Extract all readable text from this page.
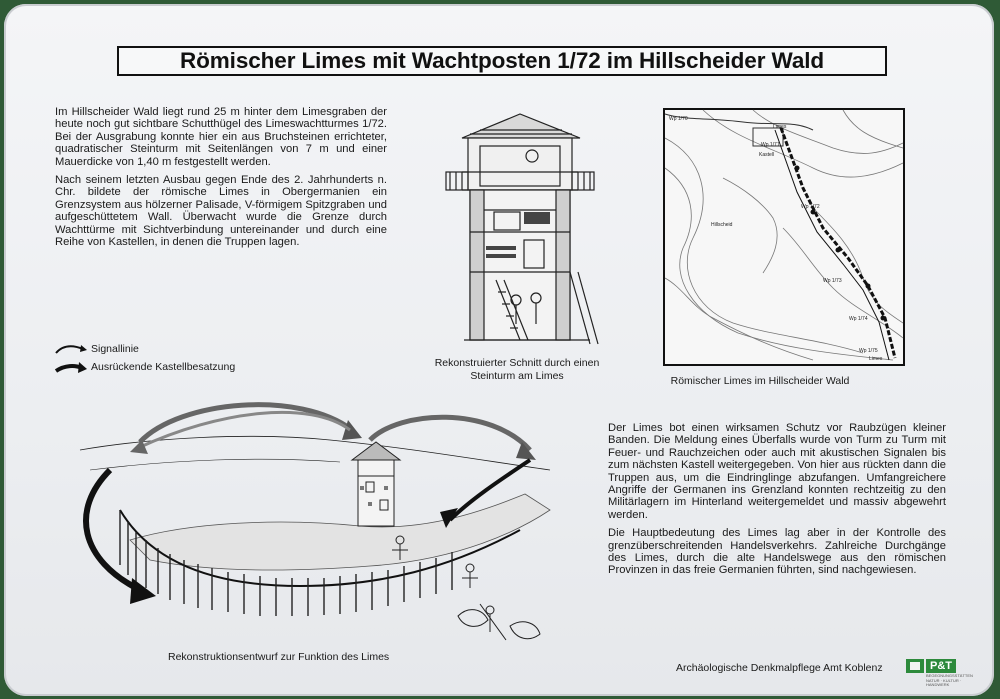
Römischer Limes mit Wachtposten 1/72 im Hillscheider Wald

Im Hillscheider Wald liegt rund 25 m hinter dem Limesgraben der heute noch gut sichtbare Schutthügel des Limeswachtturmes 1/72. Bei der Ausgrabung konnte hier ein aus Bruchsteinen errichteter, quadratischer Steinturm mit Seitenlängen von 7 m und einer Mauerdicke von 1,40 m festgestellt werden.

Nach seinem letzten Ausbau gegen Ende des 2. Jahrhunderts n. Chr. bildete der römische Limes in Obergermanien ein Grenzsystem aus hölzerner Palisade, V-förmigem Spitzgraben und aufgeschüttetem Wall. Überwacht wurde die Grenze durch Wachttürme mit Sichtverbindung untereinander und durch eine Reihe von Kastellen, in denen die Truppen lagen.

Rekonstruierter Schnitt durch einen Steinturm am Limes
Kastell
Hillscheid
Limes
Wp 1/72
Wp 1/71
Wp 1/73
Wp 1/74
Wp 1/75
Wp 1/70
Limes
Römischer Limes im Hillscheider Wald
Signallinie
Ausrückende Kastellbesatzung
Rekonstruktionsentwurf zur Funktion des Limes

Der Limes bot einen wirksamen Schutz vor Raubzügen kleiner Banden. Die Meldung eines Überfalls wurde von Turm zu Turm mit Feuer- und Rauchzeichen oder auch mit akustischen Signalen bis zum nächsten Kastell weitergegeben. Von hier aus rückten dann die Truppen aus, um die Eindringlinge abzufangen. Umfangreichere Angriffe der Germanen ins Grenzland konnten rechtzeitig zu den Militärlagern im Hinterland weitergemeldet und massiv abgewehrt werden.

Die Hauptbedeutung des Limes lag aber in der Kontrolle des grenzüberschreitenden Handelsverkehrs. Zahlreiche Durchgänge des Limes, durch die alte Handelswege aus den römischen Provinzen in das freie Germanien führten, sind nachgewiesen.

Archäologische Denkmalpflege Amt Koblenz	P&T
BEGEGNUNGSSTÄTTEN NATUR · KULTUR · HANDWERK
